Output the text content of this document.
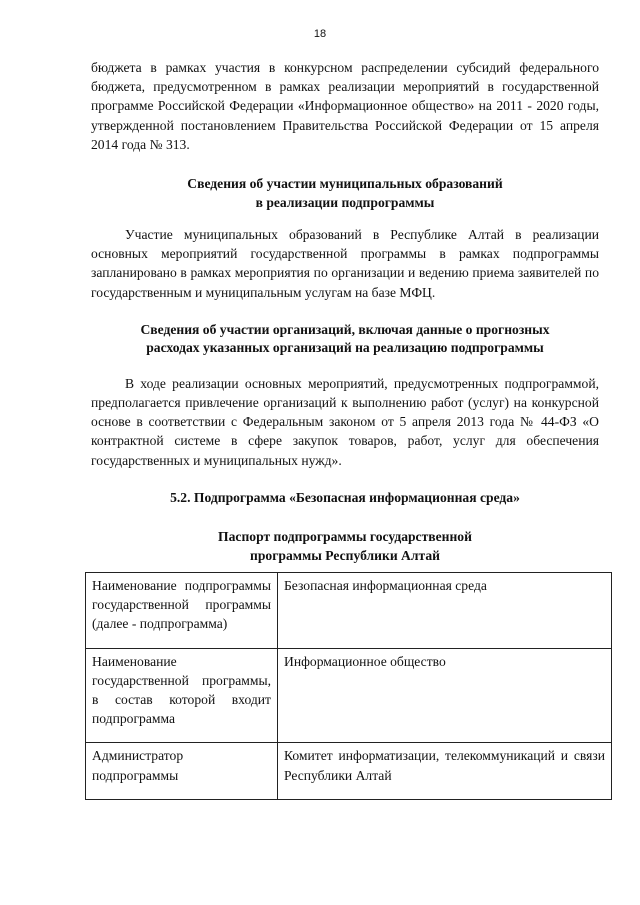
18

бюджета в рамках участия в конкурсном распределении субсидий федерального бюджета, предусмотренном в рамках реализации мероприятий в государственной программе Российской Федерации «Информационное общество» на 2011 - 2020 годы, утвержденной постановлением Правительства Российской Федерации от 15 апреля 2014 года № 313.

Сведения об участии муниципальных образований
в реализации подпрограммы

Участие муниципальных образований в Республике Алтай в реализации основных мероприятий государственной программы в рамках подпрограммы запланировано в рамках мероприятия по организации и ведению приема заявителей по государственным и муниципальным услугам на базе МФЦ.

Сведения об участии организаций, включая данные о прогнозных
расходах указанных организаций на реализацию подпрограммы

В ходе реализации основных мероприятий, предусмотренных подпрограммой, предполагается привлечение организаций к выполнению работ (услуг) на конкурсной основе в соответствии с Федеральным законом от 5 апреля 2013 года № 44-ФЗ «О контрактной системе в сфере закупок товаров, работ, услуг для обеспечения государственных и муниципальных нужд».

5.2. Подпрограмма «Безопасная информационная среда»
Паспорт подпрограммы государственной
программы Республики Алтай
Наименование подпрограммы государственной программы (далее - подпрограмма)	Безопасная информационная среда
Наименование государственной программы, в состав которой входит подпрограмма	Информационное общество
Администратор подпрограммы	Комитет информатизации, телекоммуникаций и связи Республики Алтай
